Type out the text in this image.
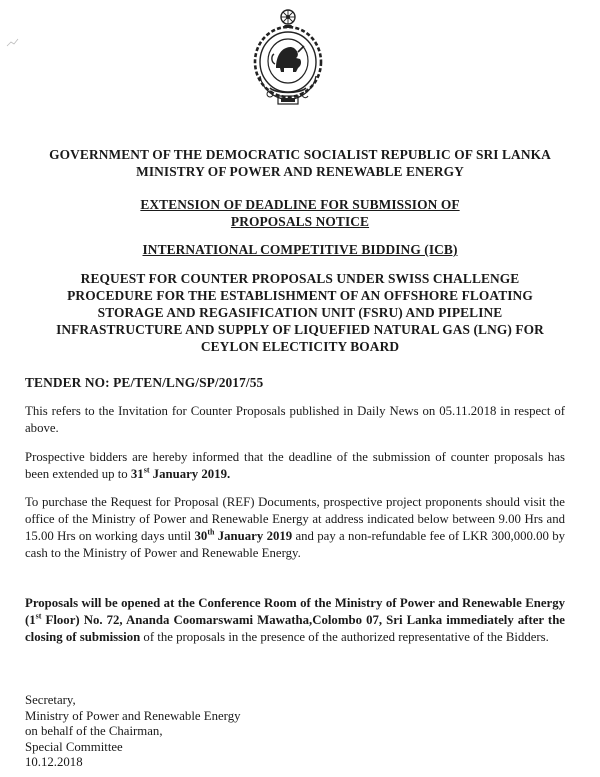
GOVERNMENT OF THE DEMOCRATIC SOCIALIST REPUBLIC OF SRI LANKA
MINISTRY OF POWER AND RENEWABLE ENERGY
EXTENSION OF DEADLINE FOR SUBMISSION OF
PROPOSALS NOTICE
INTERNATIONAL COMPETITIVE BIDDING (ICB)
REQUEST FOR COUNTER PROPOSALS UNDER SWISS CHALLENGE
PROCEDURE FOR THE ESTABLISHMENT OF AN OFFSHORE FLOATING
STORAGE AND REGASIFICATION UNIT (FSRU) AND PIPELINE
INFRASTRUCTURE AND SUPPLY OF LIQUEFIED NATURAL GAS (LNG) FOR
CEYLON ELECTICITY BOARD
TENDER NO: PE/TEN/LNG/SP/2017/55
This refers to the Invitation for Counter Proposals published in Daily News on 05.11.2018 in respect of above.
Prospective bidders are hereby informed that the deadline of the submission of counter proposals has been extended up to 31st January 2019.
To purchase the Request for Proposal (REF) Documents, prospective project proponents should visit the office of the Ministry of Power and Renewable Energy at address indicated below between 9.00 Hrs and 15.00 Hrs on working days until 30th January 2019 and pay a non-refundable fee of LKR 300,000.00 by cash to the Ministry of Power and Renewable Energy.
Proposals will be opened at the Conference Room of the Ministry of Power and Renewable Energy (1st Floor) No. 72, Ananda Coomarswami Mawatha,Colombo 07, Sri Lanka immediately after the closing of submission of the proposals in the presence of the authorized representative of the Bidders.
Secretary,
Ministry of Power and Renewable Energy
on behalf of the Chairman,
Special Committee
10.12.2018
